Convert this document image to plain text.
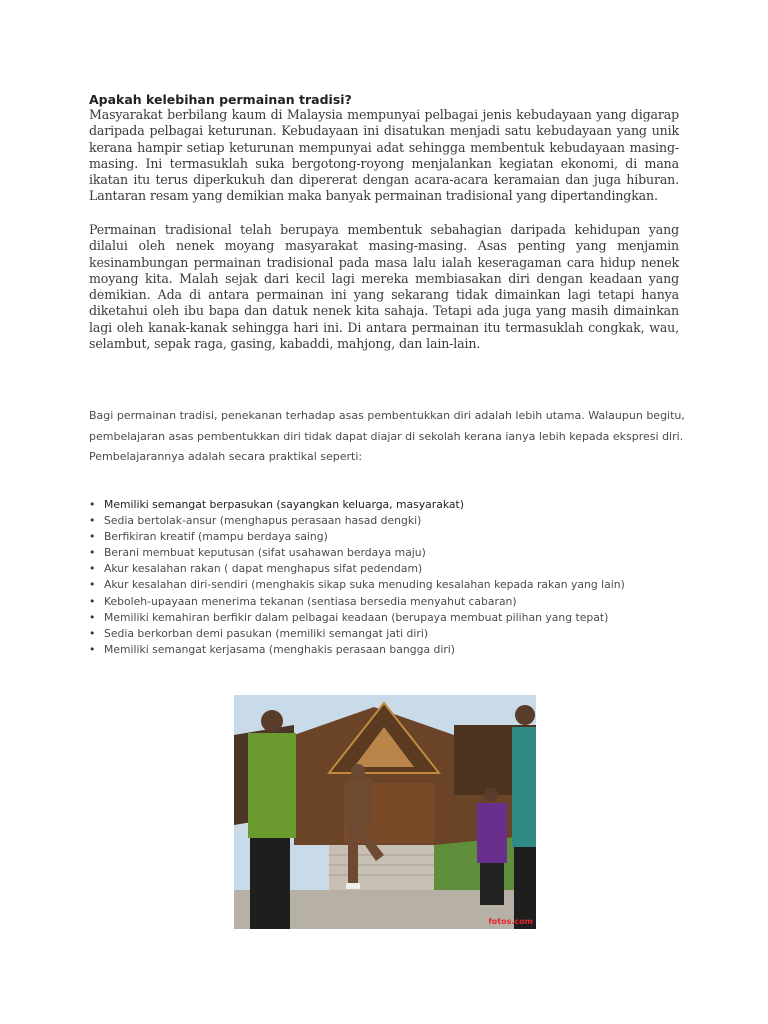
Apakah kelebihan permainan tradisi?

Masyarakat berbilang kaum di Malaysia mempunyai pelbagai jenis kebudayaan yang digarap daripada pelbagai keturunan. Kebudayaan ini disatukan menjadi satu kebudayaan yang unik kerana hampir setiap keturunan mempunyai adat sehingga membentuk kebudayaan masing-masing. Ini termasuklah suka bergotong-royong menjalankan kegiatan ekonomi, di mana ikatan itu terus diperkukuh dan dipererat dengan acara-acara keramaian dan juga hiburan. Lantaran resam yang demikian maka banyak permainan tradisional yang dipertandingkan.

Permainan tradisional telah berupaya membentuk sebahagian daripada kehidupan yang dilalui oleh nenek moyang masyarakat masing-masing. Asas penting yang menjamin kesinambungan permainan tradisional pada masa lalu ialah keseragaman cara hidup nenek moyang kita. Malah sejak dari kecil lagi mereka membiasakan diri dengan keadaan yang demikian. Ada di antara permainan ini yang sekarang tidak dimainkan lagi tetapi hanya diketahui oleh ibu bapa dan datuk nenek kita sahaja. Tetapi ada juga yang masih dimainkan lagi oleh kanak-kanak sehingga hari ini. Di antara permainan itu termasuklah congkak, wau, selambut, sepak raga, gasing, kabaddi, mahjong, dan lain-lain.

Bagi permainan tradisi, penekanan terhadap asas pembentukkan diri adalah lebih utama. Walaupun begitu, pembelajaran asas pembentukkan diri tidak dapat diajar di sekolah kerana ianya lebih kepada ekspresi diri. Pembelajarannya adalah secara praktikal seperti:

• Memiliki semangat berpasukan (sayangkan keluarga, masyarakat)
• Sedia bertolak-ansur (menghapus perasaan hasad dengki)
• Berfikiran kreatif (mampu berdaya saing)
• Berani membuat keputusan (sifat usahawan berdaya maju)
• Akur kesalahan rakan ( dapat menghapus sifat pedendam)
• Akur kesalahan diri-sendiri (menghakis sikap suka menuding kesalahan kepada rakan yang lain)
• Keboleh-upayaan menerima tekanan (sentiasa bersedia menyahut cabaran)
• Memiliki kemahiran berfikir dalam pelbagai keadaan (berupaya membuat pilihan yang tepat)
• Sedia berkorban demi pasukan (memiliki semangat jati diri)
• Memiliki semangat kerjasama (menghakis perasaan bangga diri)
fotos.com
